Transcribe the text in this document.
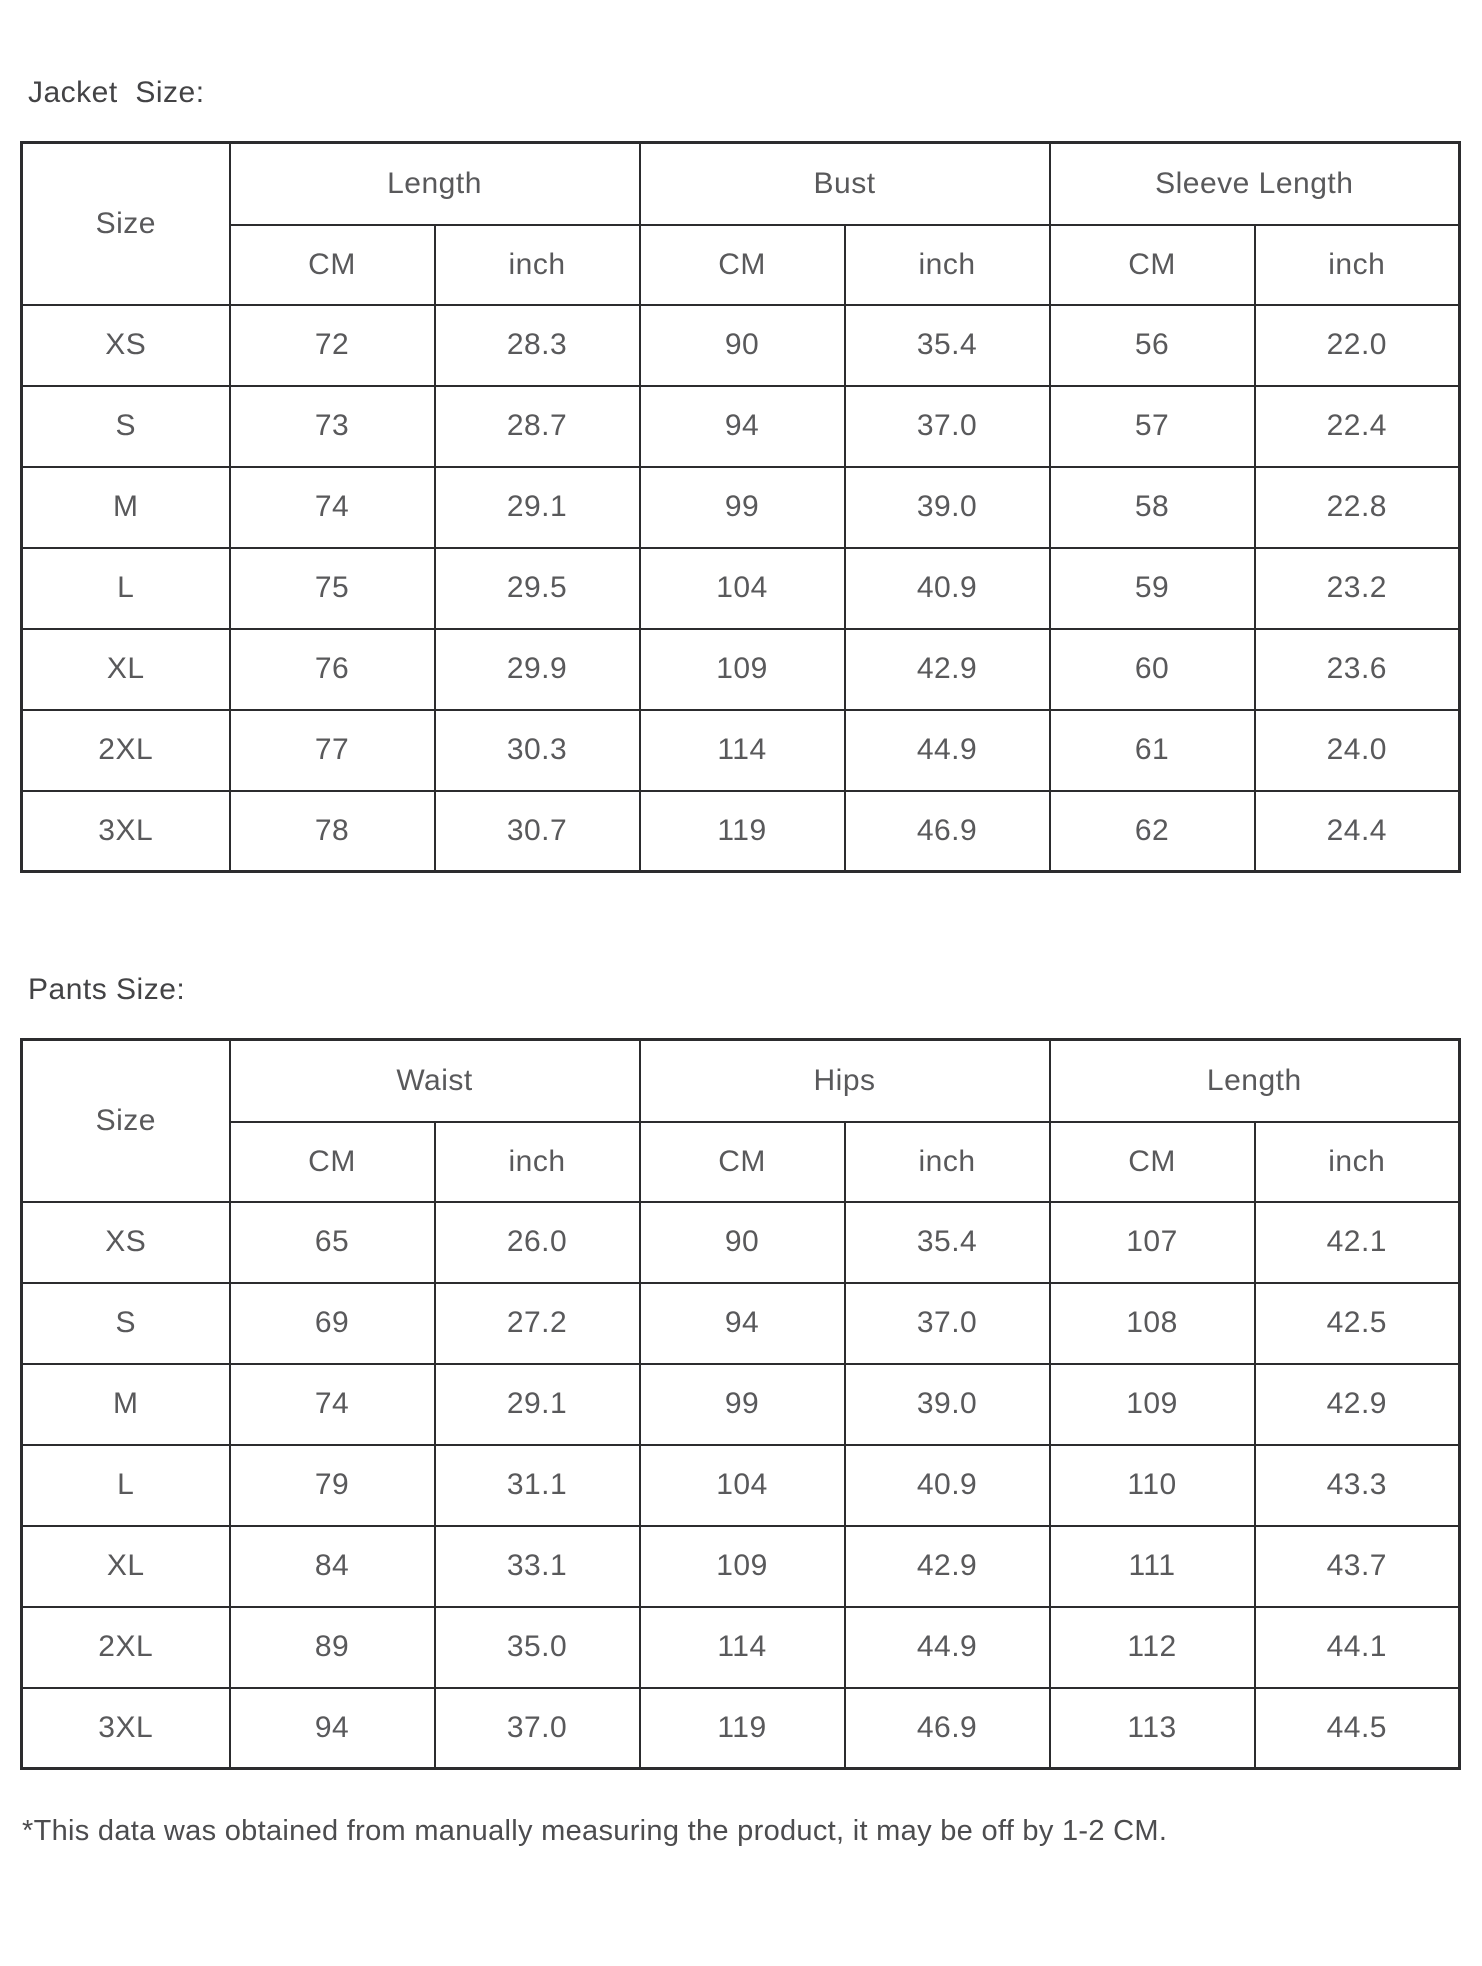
Jacket  Size:
Size	Length		Bust		Sleeve Length	
	CM	inch	CM	inch	CM	inch
XS	72	28.3	90	35.4	56	22.0
S	73	28.7	94	37.0	57	22.4
M	74	29.1	99	39.0	58	22.8
L	75	29.5	104	40.9	59	23.2
XL	76	29.9	109	42.9	60	23.6
2XL	77	30.3	114	44.9	61	24.0
3XL	78	30.7	119	46.9	62	24.4
Pants Size:
Size	Waist		Hips		Length	
	CM	inch	CM	inch	CM	inch
XS	65	26.0	90	35.4	107	42.1
S	69	27.2	94	37.0	108	42.5
M	74	29.1	99	39.0	109	42.9
L	79	31.1	104	40.9	110	43.3
XL	84	33.1	109	42.9	111	43.7
2XL	89	35.0	114	44.9	112	44.1
3XL	94	37.0	119	46.9	113	44.5

*This data was obtained from manually measuring the product, it may be off by 1-2 CM.
